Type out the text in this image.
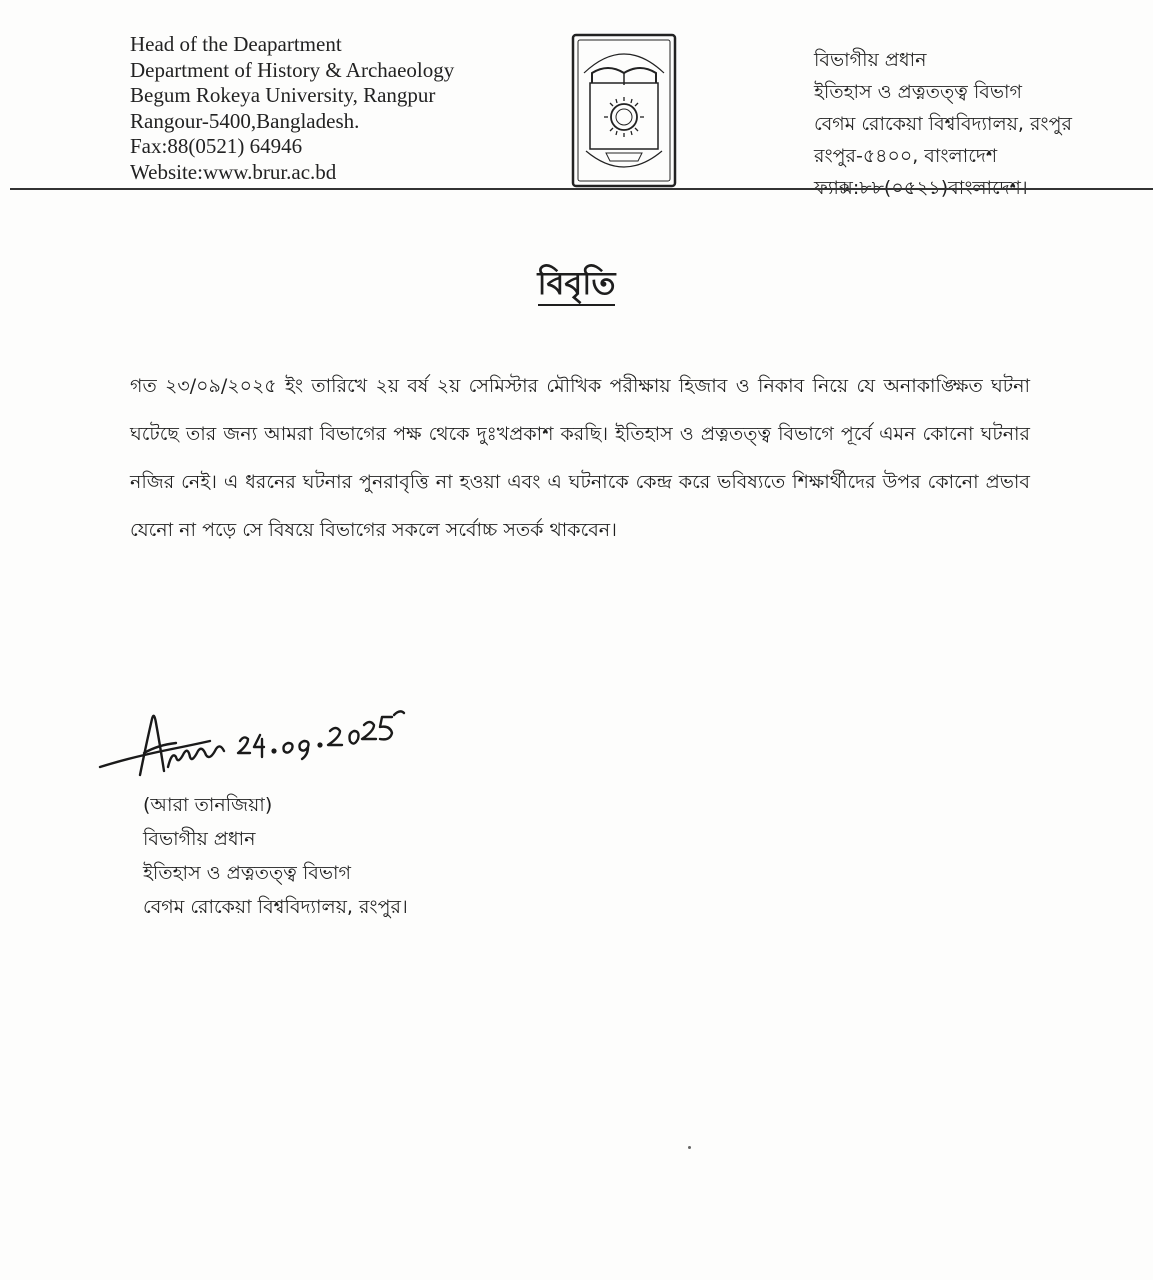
Head of the Deapartment
Department of History & Archaeology
Begum Rokeya University, Rangpur
Rangour-5400,Bangladesh.
Fax:88(0521) 64946
Website:www.brur.ac.bd
বিভাগীয় প্রধান
ইতিহাস ও প্রত্নতত্ত্ব বিভাগ
বেগম রোকেয়া বিশ্ববিদ্যালয়, রংপুর
রংপুর-৫৪০০, বাংলাদেশ
ফ্যাক্স:৮৮(০৫২১)বাংলাদেশ।
বিবৃতি
গত ২৩/০৯/২০২৫ ইং তারিখে ২য় বর্ষ ২য় সেমিস্টার মৌখিক পরীক্ষায় হিজাব ও নিকাব নিয়ে যে অনাকাঙ্ক্ষিত ঘটনা ঘটেছে তার জন্য আমরা বিভাগের পক্ষ থেকে দুঃখপ্রকাশ করছি। ইতিহাস ও প্রত্নতত্ত্ব বিভাগে পূর্বে এমন কোনো ঘটনার নজির নেই। এ ধরনের ঘটনার পুনরাবৃত্তি না হওয়া এবং এ ঘটনাকে কেন্দ্র করে ভবিষ্যতে শিক্ষার্থীদের উপর কোনো প্রভাব যেনো না পড়ে সে বিষয়ে বিভাগের সকলে সর্বোচ্চ সতর্ক থাকবেন।
(আরা তানজিয়া)
বিভাগীয় প্রধান
ইতিহাস ও প্রত্নতত্ত্ব বিভাগ
বেগম রোকেয়া বিশ্ববিদ্যালয়, রংপুর।
